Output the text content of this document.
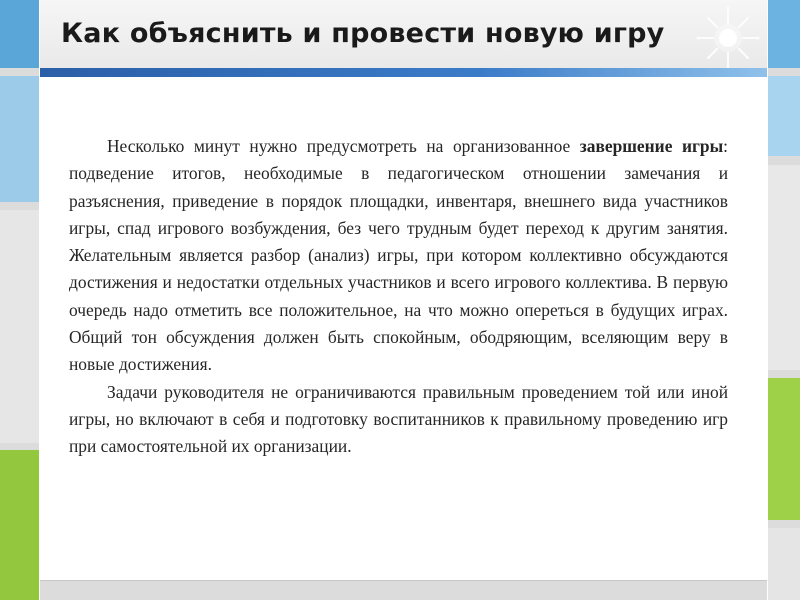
Как объяснить и провести новую игру

Несколько минут нужно предусмотреть на организованное завершение игры: подведение итогов, необходимые в педагогическом отношении замечания и разъяснения, приведение в порядок площадки, инвентаря, внешнего вида участников игры, спад игрового возбуждения, без чего трудным будет переход к другим занятия. Желательным является разбор (анализ) игры, при котором коллективно обсуждаются достижения и недостатки отдельных участников и всего игрового коллектива. В первую очередь надо отметить все положительное, на что можно опереться в будущих играх. Общий тон обсуждения должен быть спокойным, ободряющим, вселяющим веру в новые достижения.

Задачи руководителя не ограничиваются правильным проведением той или иной игры, но включают в себя и подготовку воспитанников к правильному проведению игр при самостоятельной их организации.
